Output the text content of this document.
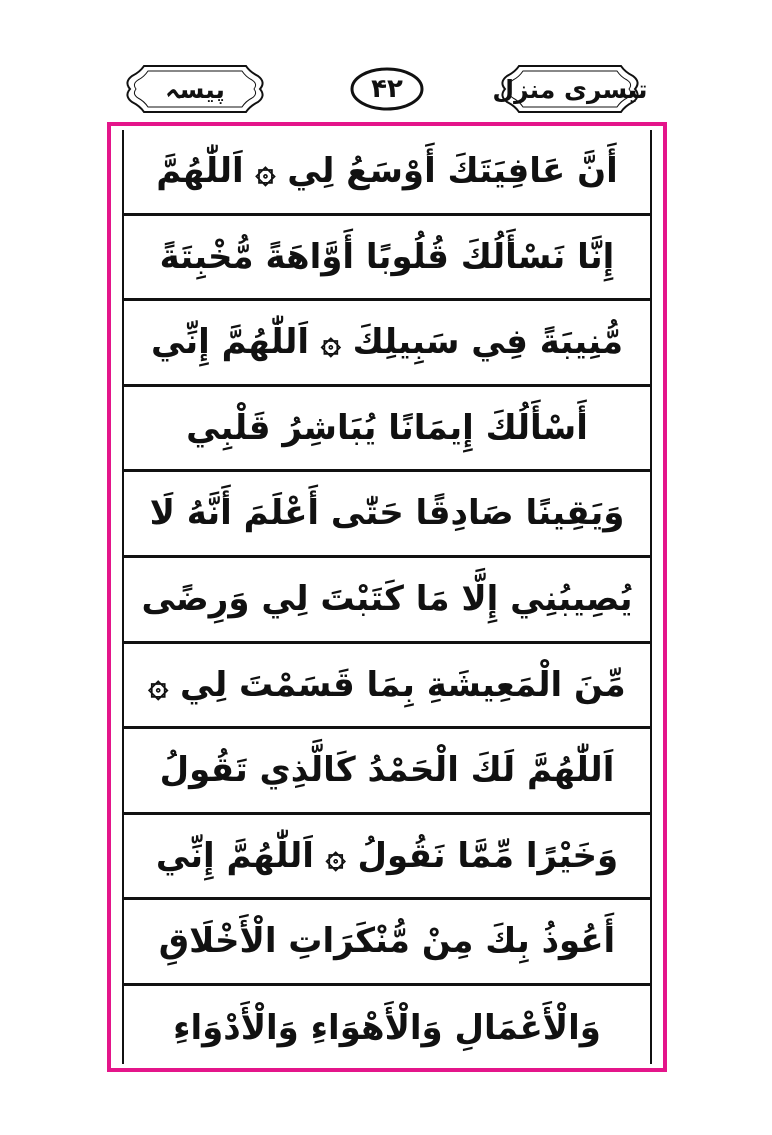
پیسہ	۴۲	تیسری منزل
أَنَّ عَافِيَتَكَ أَوْسَعُ لِي ۞ اَللّٰهُمَّ
إِنَّا نَسْأَلُكَ قُلُوبًا أَوَّاهَةً مُّخْبِتَةً
مُّنِيبَةً فِي سَبِيلِكَ ۞ اَللّٰهُمَّ إِنِّي
أَسْأَلُكَ إِيمَانًا يُبَاشِرُ قَلْبِي
وَيَقِينًا صَادِقًا حَتّٰى أَعْلَمَ أَنَّهُ لَا
يُصِيبُنِي إِلَّا مَا كَتَبْتَ لِي وَرِضًى
مِّنَ الْمَعِيشَةِ بِمَا قَسَمْتَ لِي ۞
اَللّٰهُمَّ لَكَ الْحَمْدُ كَالَّذِي تَقُولُ
وَخَيْرًا مِّمَّا نَقُولُ ۞ اَللّٰهُمَّ إِنِّي
أَعُوذُ بِكَ مِنْ مُّنْكَرَاتِ الْأَخْلَاقِ
وَالْأَعْمَالِ وَالْأَهْوَاءِ وَالْأَدْوَاءِ
